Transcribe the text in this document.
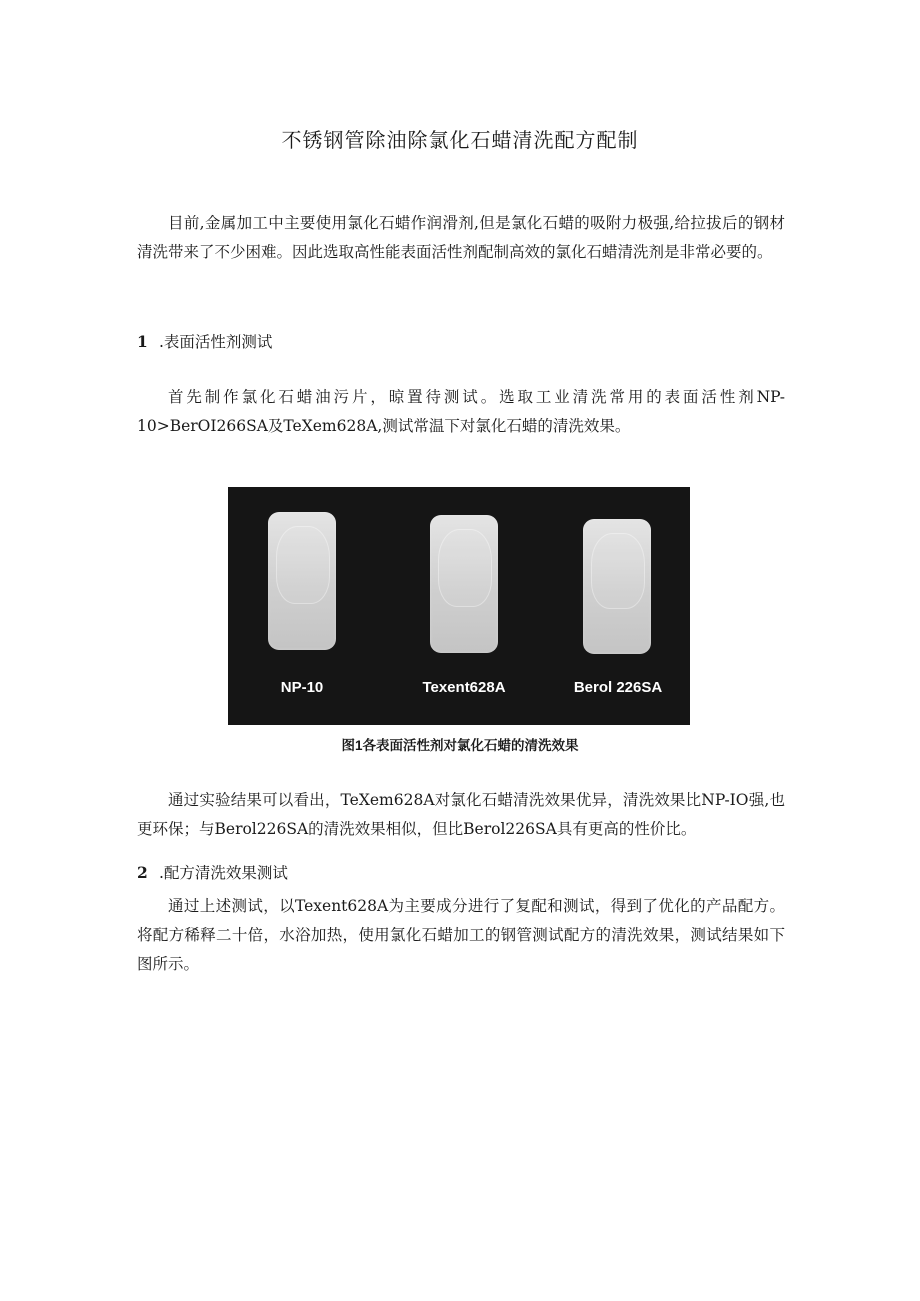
不锈钢管除油除氯化石蜡清洗配方配制

目前,金属加工中主要使用氯化石蜡作润滑剂,但是氯化石蜡的吸附力极强,给拉拔后的钢材清洗带来了不少困难。因此选取高性能表面活性剂配制高效的氯化石蜡清洗剂是非常必要的。

1 .表面活性剂测试

首先制作氯化石蜡油污片，晾置待测试。选取工业清洗常用的表面活性剂NP-10>BerOI266SA及TeXem628A,测试常温下对氯化石蜡的清洗效果。

NP-10	Texent628A	Berol 226SA
图1各表面活性剂对氯化石蜡的清洗效果

通过实验结果可以看出，TeXem628A对氯化石蜡清洗效果优异，清洗效果比NP-IO强,也更环保；与Berol226SA的清洗效果相似，但比Berol226SA具有更高的性价比。

2 .配方清洗效果测试

通过上述测试，以Texent628A为主要成分进行了复配和测试，得到了优化的产品配方。将配方稀释二十倍，水浴加热，使用氯化石蜡加工的钢管测试配方的清洗效果，测试结果如下图所示。
